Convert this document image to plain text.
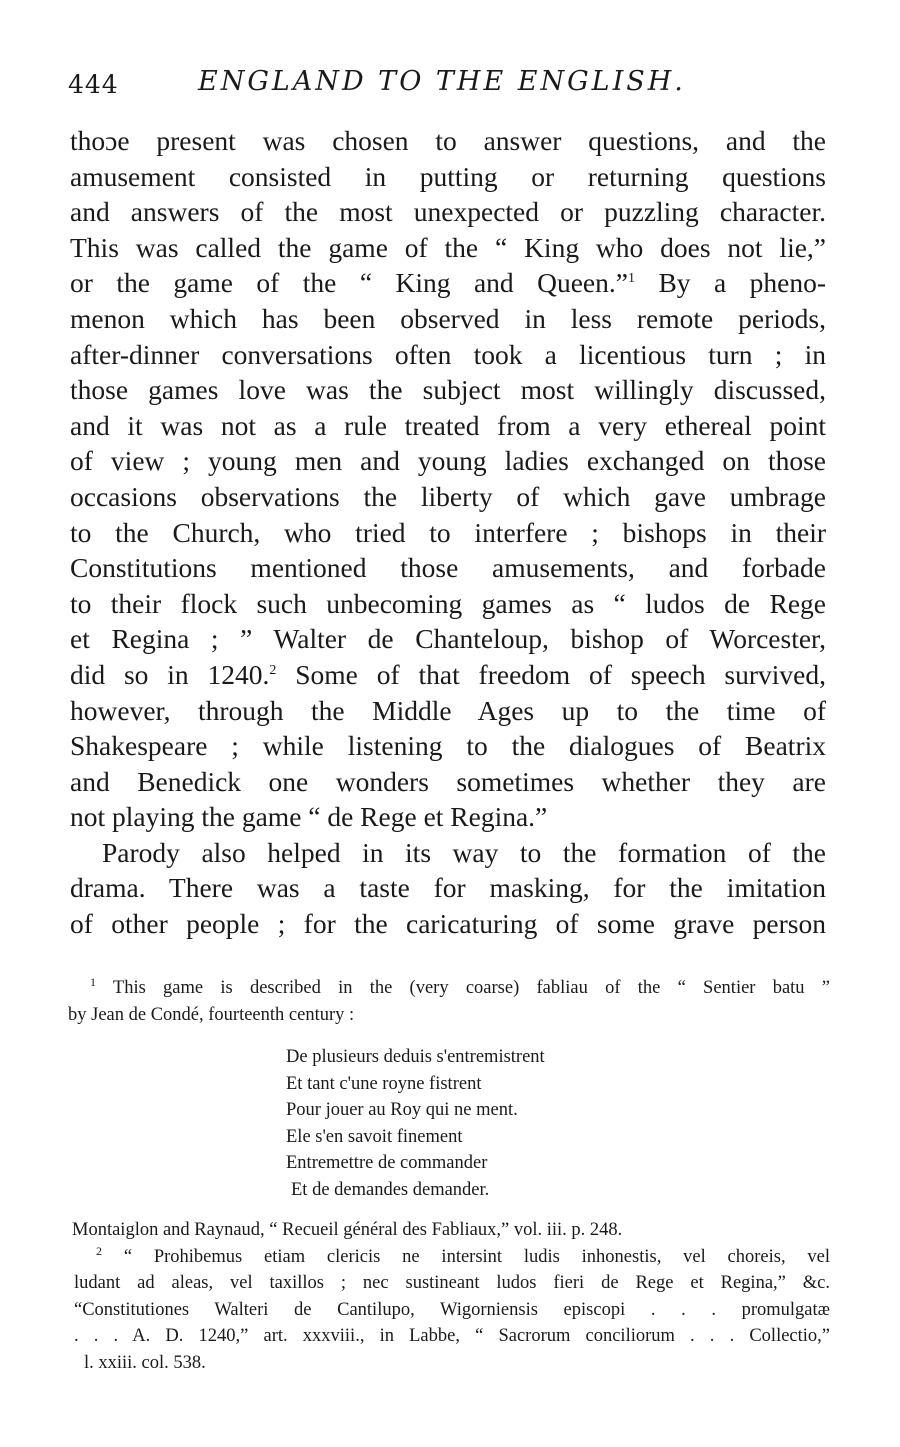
444	ENGLAND TO THE ENGLISH.
thoɔe present was chosen to answer questions, and the
amusement consisted in putting or returning questions
and answers of the most unexpected or puzzling character.
This was called the game of the “ King who does not lie,”
or the game of the “ King and Queen.”$^1$ By a pheno-
menon which has been observed in less remote periods,
after-dinner conversations often took a licentious turn ; in
those games love was the subject most willingly discussed,
and it was not as a rule treated from a very ethereal point
of view ; young men and young ladies exchanged on those
occasions observations the liberty of which gave umbrage
to the Church, who tried to interfere ; bishops in their
Constitutions mentioned those amusements, and forbade
to their flock such unbecoming games as “ ludos de Rege
et Regina ; ” Walter de Chanteloup, bishop of Worcester,
did so in 1240.$^2$ Some of that freedom of speech survived,
however, through the Middle Ages up to the time of
Shakespeare ; while listening to the dialogues of Beatrix
and Benedick one wonders sometimes whether they are
not playing the game “ de Rege et Regina.”
Parody also helped in its way to the formation of the
drama. There was a taste for masking, for the imitation
of other people ; for the caricaturing of some grave person
$^1$ This game is described in the (very coarse) fabliau of the “ Sentier batu ”
by Jean de Condé, fourteenth century :
De plusieurs deduis s'entremistrent
Et tant c'une royne fistrent
Pour jouer au Roy qui ne ment.
Ele s'en savoit finement
Entremettre de commander
Et de demandes demander.
Montaiglon and Raynaud, “ Recueil général des Fabliaux,” vol. iii. p. 248.
$^2$ “ Prohibemus etiam clericis ne intersint ludis inhonestis, vel choreis, vel
ludant ad aleas, vel taxillos ; nec sustineant ludos fieri de Rege et Regina,” &c.
“Constitutiones Walteri de Cantilupo, Wigorniensis episcopi . . . promulgatæ
. . . A. D. 1240,” art. xxxviii., in Labbe, “ Sacrorum conciliorum . . . Collectio,”
l. xxiii. col. 538.
